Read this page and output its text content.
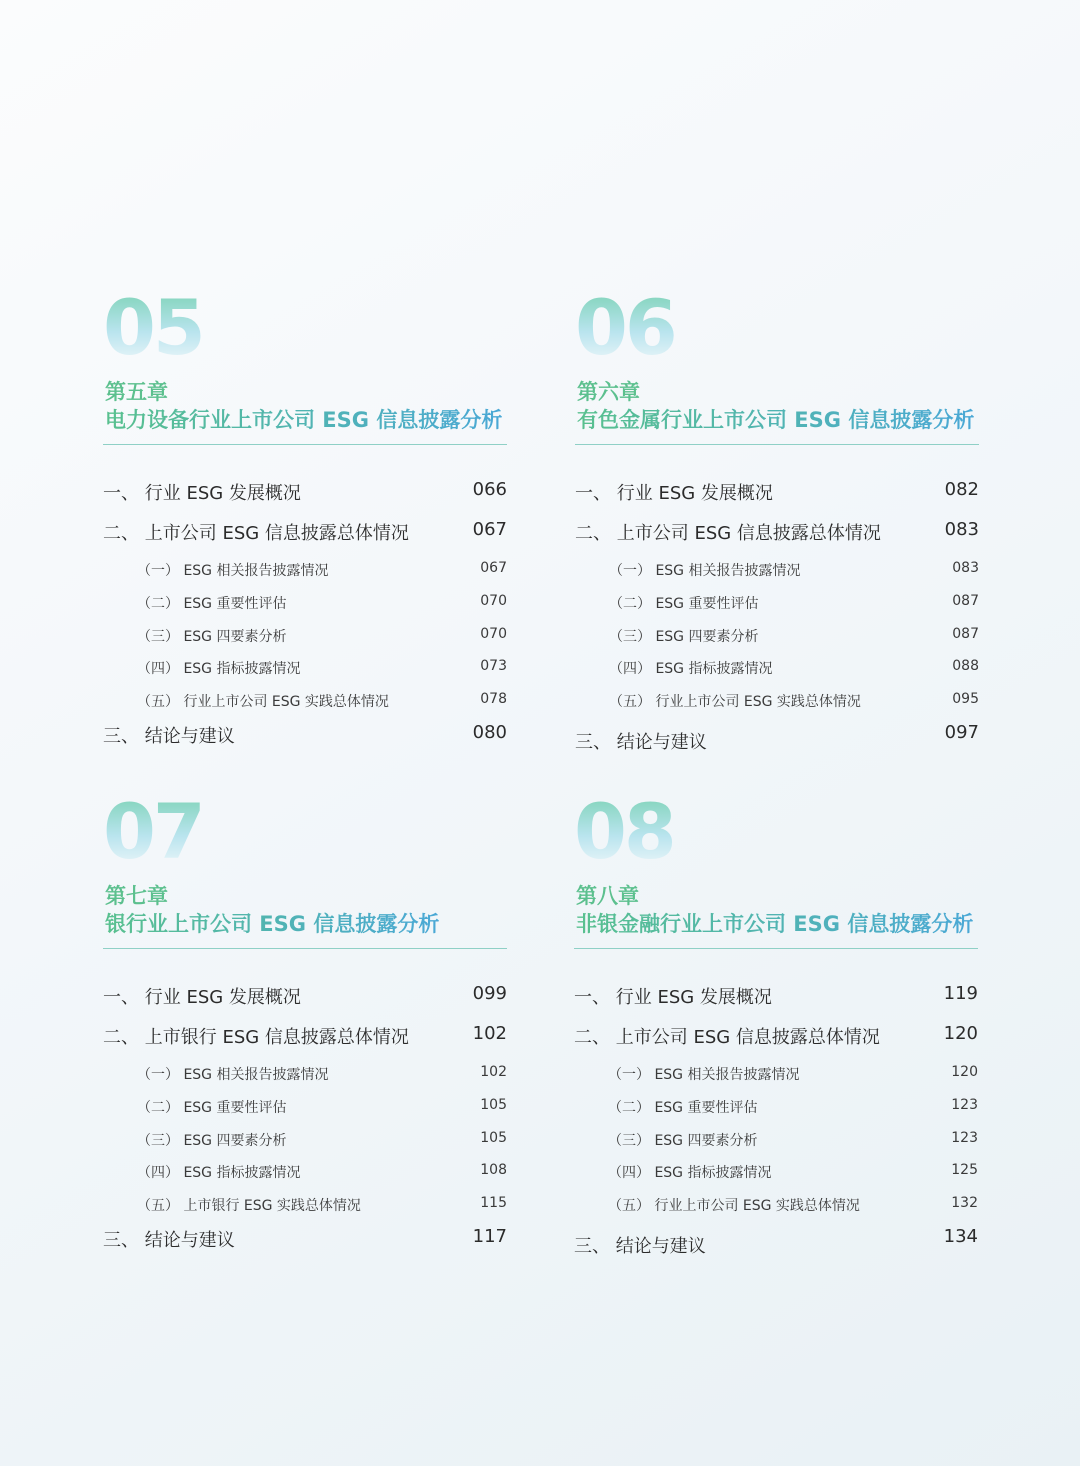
05
第五章
电力设备行业上市公司 ESG 信息披露分析
一、 行业 ESG 发展概况	066
二、 上市公司 ESG 信息披露总体情况	067
（一） ESG 相关报告披露情况	067
（二） ESG 重要性评估	070
（三） ESG 四要素分析	070
（四） ESG 指标披露情况	073
（五） 行业上市公司 ESG 实践总体情况	078
三、 结论与建议	080
06
第六章
有色金属行业上市公司 ESG 信息披露分析
一、 行业 ESG 发展概况	082
二、 上市公司 ESG 信息披露总体情况	083
（一） ESG 相关报告披露情况	083
（二） ESG 重要性评估	087
（三） ESG 四要素分析	087
（四） ESG 指标披露情况	088
（五） 行业上市公司 ESG 实践总体情况	095
三、 结论与建议	097
07
第七章
银行业上市公司 ESG 信息披露分析
一、 行业 ESG 发展概况	099
二、 上市银行 ESG 信息披露总体情况	102
（一） ESG 相关报告披露情况	102
（二） ESG 重要性评估	105
（三） ESG 四要素分析	105
（四） ESG 指标披露情况	108
（五） 上市银行 ESG 实践总体情况	115
三、 结论与建议	117
08
第八章
非银金融行业上市公司 ESG 信息披露分析
一、 行业 ESG 发展概况	119
二、 上市公司 ESG 信息披露总体情况	120
（一） ESG 相关报告披露情况	120
（二） ESG 重要性评估	123
（三） ESG 四要素分析	123
（四） ESG 指标披露情况	125
（五） 行业上市公司 ESG 实践总体情况	132
三、 结论与建议	134
